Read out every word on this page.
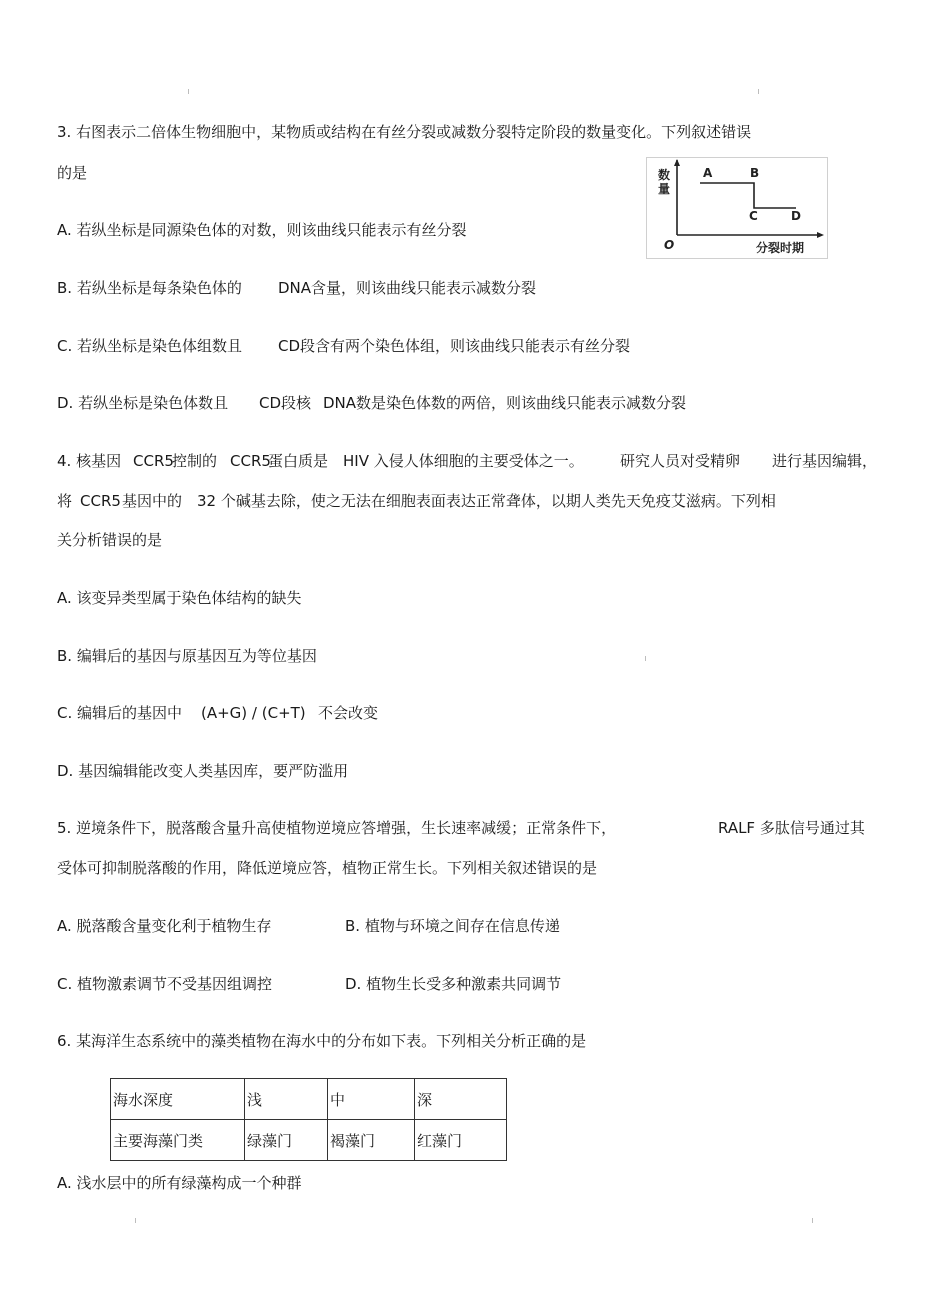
3. 右图表示二倍体生物细胞中，某物质或结构在有丝分裂或减数分裂特定阶段的数量变化。下列叙述错误
的是	数
量
O
A	B
C	D
分裂时期
A. 若纵坐标是同源染色体的对数，则该曲线只能表示有丝分裂
B. 若纵坐标是每条染色体的 DNA含量，则该曲线只能表示减数分裂
C. 若纵坐标是染色体组数且 CD段含有两个染色体组，则该曲线只能表示有丝分裂
D. 若纵坐标是染色体数且 CD段核 DNA数是染色体数的两倍，则该曲线只能表示减数分裂
4. 核基因 CCR5
控制的 CCR5
蛋白质是 HIV 入侵人体细胞的主要受体之一。 研究人员对受精卵 进行基因编辑，
将 CCR5 基因中的 32 个碱基去除，使之无法在细胞表面表达正常聋体，以期人类先天免疫艾滋病。下列相
关分析错误的是
A. 该变异类型属于染色体结构的缺失
B. 编辑后的基因与原基因互为等位基因
C. 编辑后的基因中 (A+G) / (C+T) 不会改变
D. 基因编辑能改变人类基因库，要严防滥用
5. 逆境条件下，脱落酸含量升高使植物逆境应答增强，生长速率减缓；正常条件下，	RALF 多肽信号通过其
受体可抑制脱落酸的作用，降低逆境应答，植物正常生长。下列相关叙述错误的是
A. 脱落酸含量变化利于植物生存	B. 植物与环境之间存在信息传递
C. 植物激素调节不受基因组调控	D. 植物生长受多种激素共同调节
6. 某海洋生态系统中的藻类植物在海水中的分布如下表。下列相关分析正确的是
海水深度	浅	中	深
主要海藻门类	绿藻门	褐藻门	红藻门
A. 浅水层中的所有绿藻构成一个种群
